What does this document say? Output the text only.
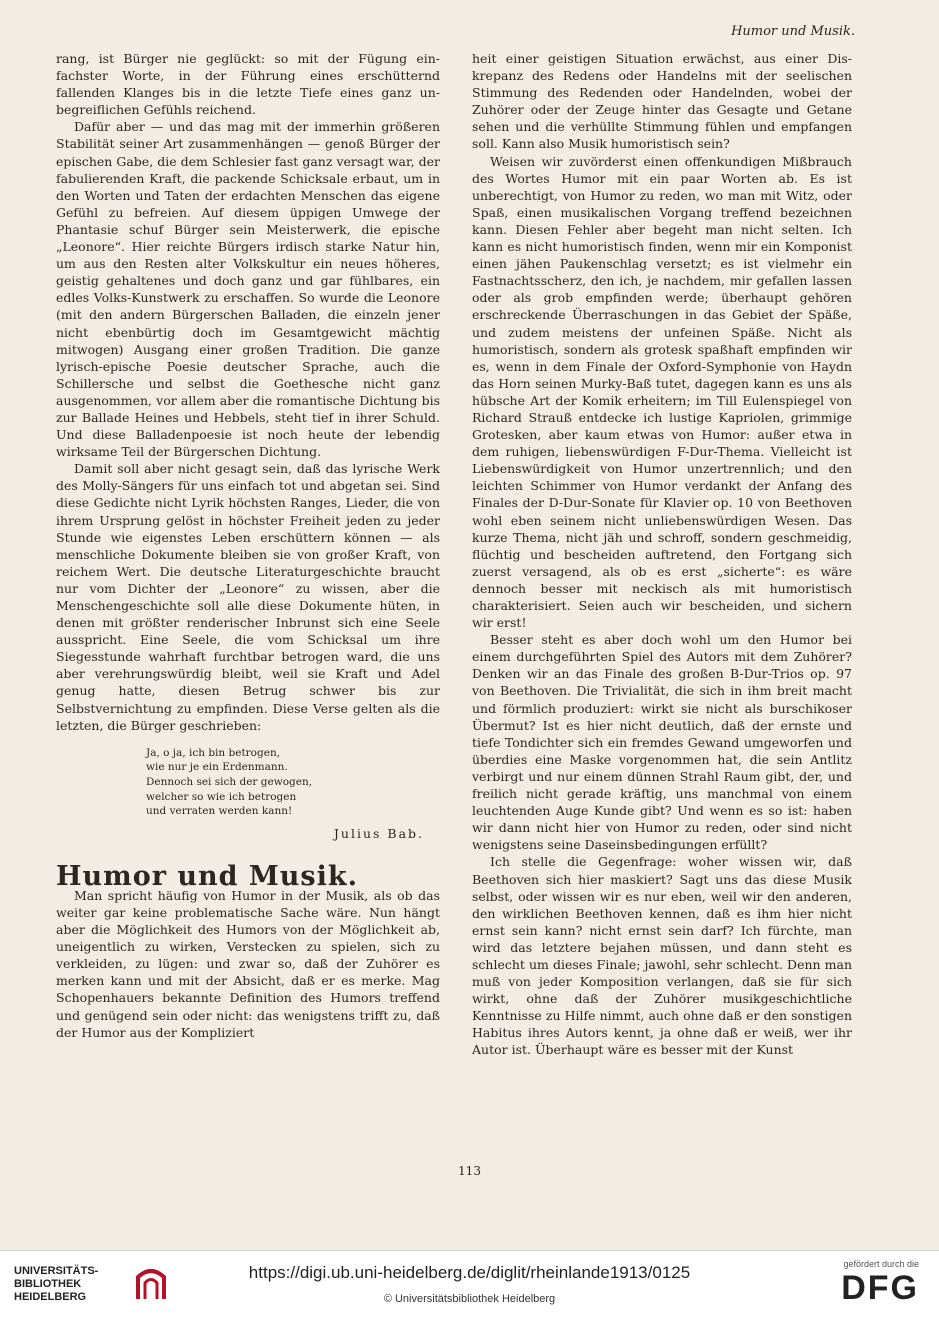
Humor und Musik.

rang, ist Bürger nie geglückt: so mit der Fügung einfachster Worte, in der Führung eines erschütternd fallenden Klanges bis in die letzte Tiefe eines ganz unbegreiflichen Gefühls reichend.

Dafür aber — und das mag mit der immerhin größeren Stabilität seiner Art zusammenhängen — genoß Bürger der epischen Gabe, die dem Schlesier fast ganz versagt war, der fabulierenden Kraft, die packende Schicksale erbaut, um in den Worten und Taten der erdachten Menschen das eigene Gefühl zu befreien. Auf diesem üppigen Umwege der Phantasie schuf Bürger sein Meisterwerk, die epische „Leonore“. Hier reichte Bürgers irdisch starke Natur hin, um aus den Resten alter Volkskultur ein neues höheres, geistig gehaltenes und doch ganz und gar fühlbares, ein edles Volks-Kunstwerk zu erschaffen. So wurde die Leonore (mit den andern Bürgerschen Balladen, die einzeln jener nicht ebenbürtig doch im Gesamtgewicht mächtig mitwogen) Ausgang einer großen Tradition. Die ganze lyrisch-epische Poesie deutscher Sprache, auch die Schillersche und selbst die Goethesche nicht ganz ausgenommen, vor allem aber die romantische Dichtung bis zur Ballade Heines und Hebbels, steht tief in ihrer Schuld. Und diese Balladenpoesie ist noch heute der lebendig wirksame Teil der Bürgerschen Dichtung.

Damit soll aber nicht gesagt sein, daß das lyrische Werk des Molly-Sängers für uns einfach tot und abgetan sei. Sind diese Gedichte nicht Lyrik höchsten Ranges, Lieder, die von ihrem Ursprung gelöst in höchster Freiheit jeden zu jeder Stunde wie eigenstes Leben erschüttern können — als menschliche Dokumente bleiben sie von großer Kraft, von reichem Wert. Die deutsche Literaturgeschichte braucht nur vom Dichter der „Leonore“ zu wissen, aber die Menschengeschichte soll alle diese Dokumente hüten, in denen mit größter renderischer Inbrunst sich eine Seele ausspricht. Eine Seele, die vom Schicksal um ihre Siegesstunde wahrhaft furchtbar betrogen ward, die uns aber verehrungswürdig bleibt, weil sie Kraft und Adel genug hatte, diesen Betrug schwer bis zur Selbstvernichtung zu empfinden. Diese Verse gelten als die letzten, die Bürger geschrieben:

Ja, o ja, ich bin betrogen,
wie nur je ein Erdenmann.
Dennoch sei sich der gewogen,
welcher so wie ich betrogen
und verraten werden kann!
Julius Bab.
Humor und Musik.

Man spricht häufig von Humor in der Musik, als ob das weiter gar keine problematische Sache wäre. Nun hängt aber die Möglichkeit des Humors von der Möglichkeit ab, uneigentlich zu wirken, Verstecken zu spielen, sich zu verkleiden, zu lügen: und zwar so, daß der Zuhörer es merken kann und mit der Absicht, daß er es merke. Mag Schopenhauers bekannte Definition des Humors treffend und genügend sein oder nicht: das wenigstens trifft zu, daß der Humor aus der Kompliziert

heit einer geistigen Situation erwächst, aus einer Diskrepanz des Redens oder Handelns mit der seelischen Stimmung des Redenden oder Handelnden, wobei der Zuhörer oder der Zeuge hinter das Gesagte und Getane sehen und die verhüllte Stimmung fühlen und empfangen soll. Kann also Musik humoristisch sein?

Weisen wir zuvörderst einen offenkundigen Mißbrauch des Wortes Humor mit ein paar Worten ab. Es ist unberechtigt, von Humor zu reden, wo man mit Witz, oder Spaß, einen musikalischen Vorgang treffend bezeichnen kann. Diesen Fehler aber begeht man nicht selten. Ich kann es nicht humoristisch finden, wenn mir ein Komponist einen jähen Paukenschlag versetzt; es ist vielmehr ein Fastnachtsscherz, den ich, je nachdem, mir gefallen lassen oder als grob empfinden werde; überhaupt gehören erschreckende Überraschungen in das Gebiet der Späße, und zudem meistens der unfeinen Späße. Nicht als humoristisch, sondern als grotesk spaßhaft empfinden wir es, wenn in dem Finale der Oxford-Symphonie von Haydn das Horn seinen Murky-Baß tutet, dagegen kann es uns als hübsche Art der Komik erheitern; im Till Eulenspiegel von Richard Strauß entdecke ich lustige Kapriolen, grimmige Grotesken, aber kaum etwas von Humor: außer etwa in dem ruhigen, liebenswürdigen F-Dur-Thema. Vielleicht ist Liebenswürdigkeit von Humor unzertrennlich; und den leichten Schimmer von Humor verdankt der Anfang des Finales der D-Dur-Sonate für Klavier op. 10 von Beethoven wohl eben seinem nicht unliebenswürdigen Wesen. Das kurze Thema, nicht jäh und schroff, sondern geschmeidig, flüchtig und bescheiden auftretend, den Fortgang sich zuerst versagend, als ob es erst „sicherte“: es wäre dennoch besser mit neckisch als mit humoristisch charakterisiert. Seien auch wir bescheiden, und sichern wir erst!

Besser steht es aber doch wohl um den Humor bei einem durchgeführten Spiel des Autors mit dem Zuhörer? Denken wir an das Finale des großen B-Dur-Trios op. 97 von Beethoven. Die Trivialität, die sich in ihm breit macht und förmlich produziert: wirkt sie nicht als burschikoser Übermut? Ist es hier nicht deutlich, daß der ernste und tiefe Tondichter sich ein fremdes Gewand umgeworfen und überdies eine Maske vorgenommen hat, die sein Antlitz verbirgt und nur einem dünnen Strahl Raum gibt, der, und freilich nicht gerade kräftig, uns manchmal von einem leuchtenden Auge Kunde gibt? Und wenn es so ist: haben wir dann nicht hier von Humor zu reden, oder sind nicht wenigstens seine Daseinsbedingungen erfüllt?

Ich stelle die Gegenfrage: woher wissen wir, daß Beethoven sich hier maskiert? Sagt uns das diese Musik selbst, oder wissen wir es nur eben, weil wir den anderen, den wirklichen Beethoven kennen, daß es ihm hier nicht ernst sein kann? nicht ernst sein darf? Ich fürchte, man wird das letztere bejahen müssen, und dann steht es schlecht um dieses Finale; jawohl, sehr schlecht. Denn man muß von jeder Komposition verlangen, daß sie für sich wirkt, ohne daß der Zuhörer musikgeschichtliche Kenntnisse zu Hilfe nimmt, auch ohne daß er den sonstigen Habitus ihres Autors kennt, ja ohne daß er weiß, wer ihr Autor ist. Überhaupt wäre es besser mit der Kunst

113
UNIVERSITÄTS-
BIBLIOTHEK
HEIDELBERG
https://digi.ub.uni-heidelberg.de/diglit/rheinlande1913/0125
© Universitätsbibliothek Heidelberg
gefördert durch die
DFG
